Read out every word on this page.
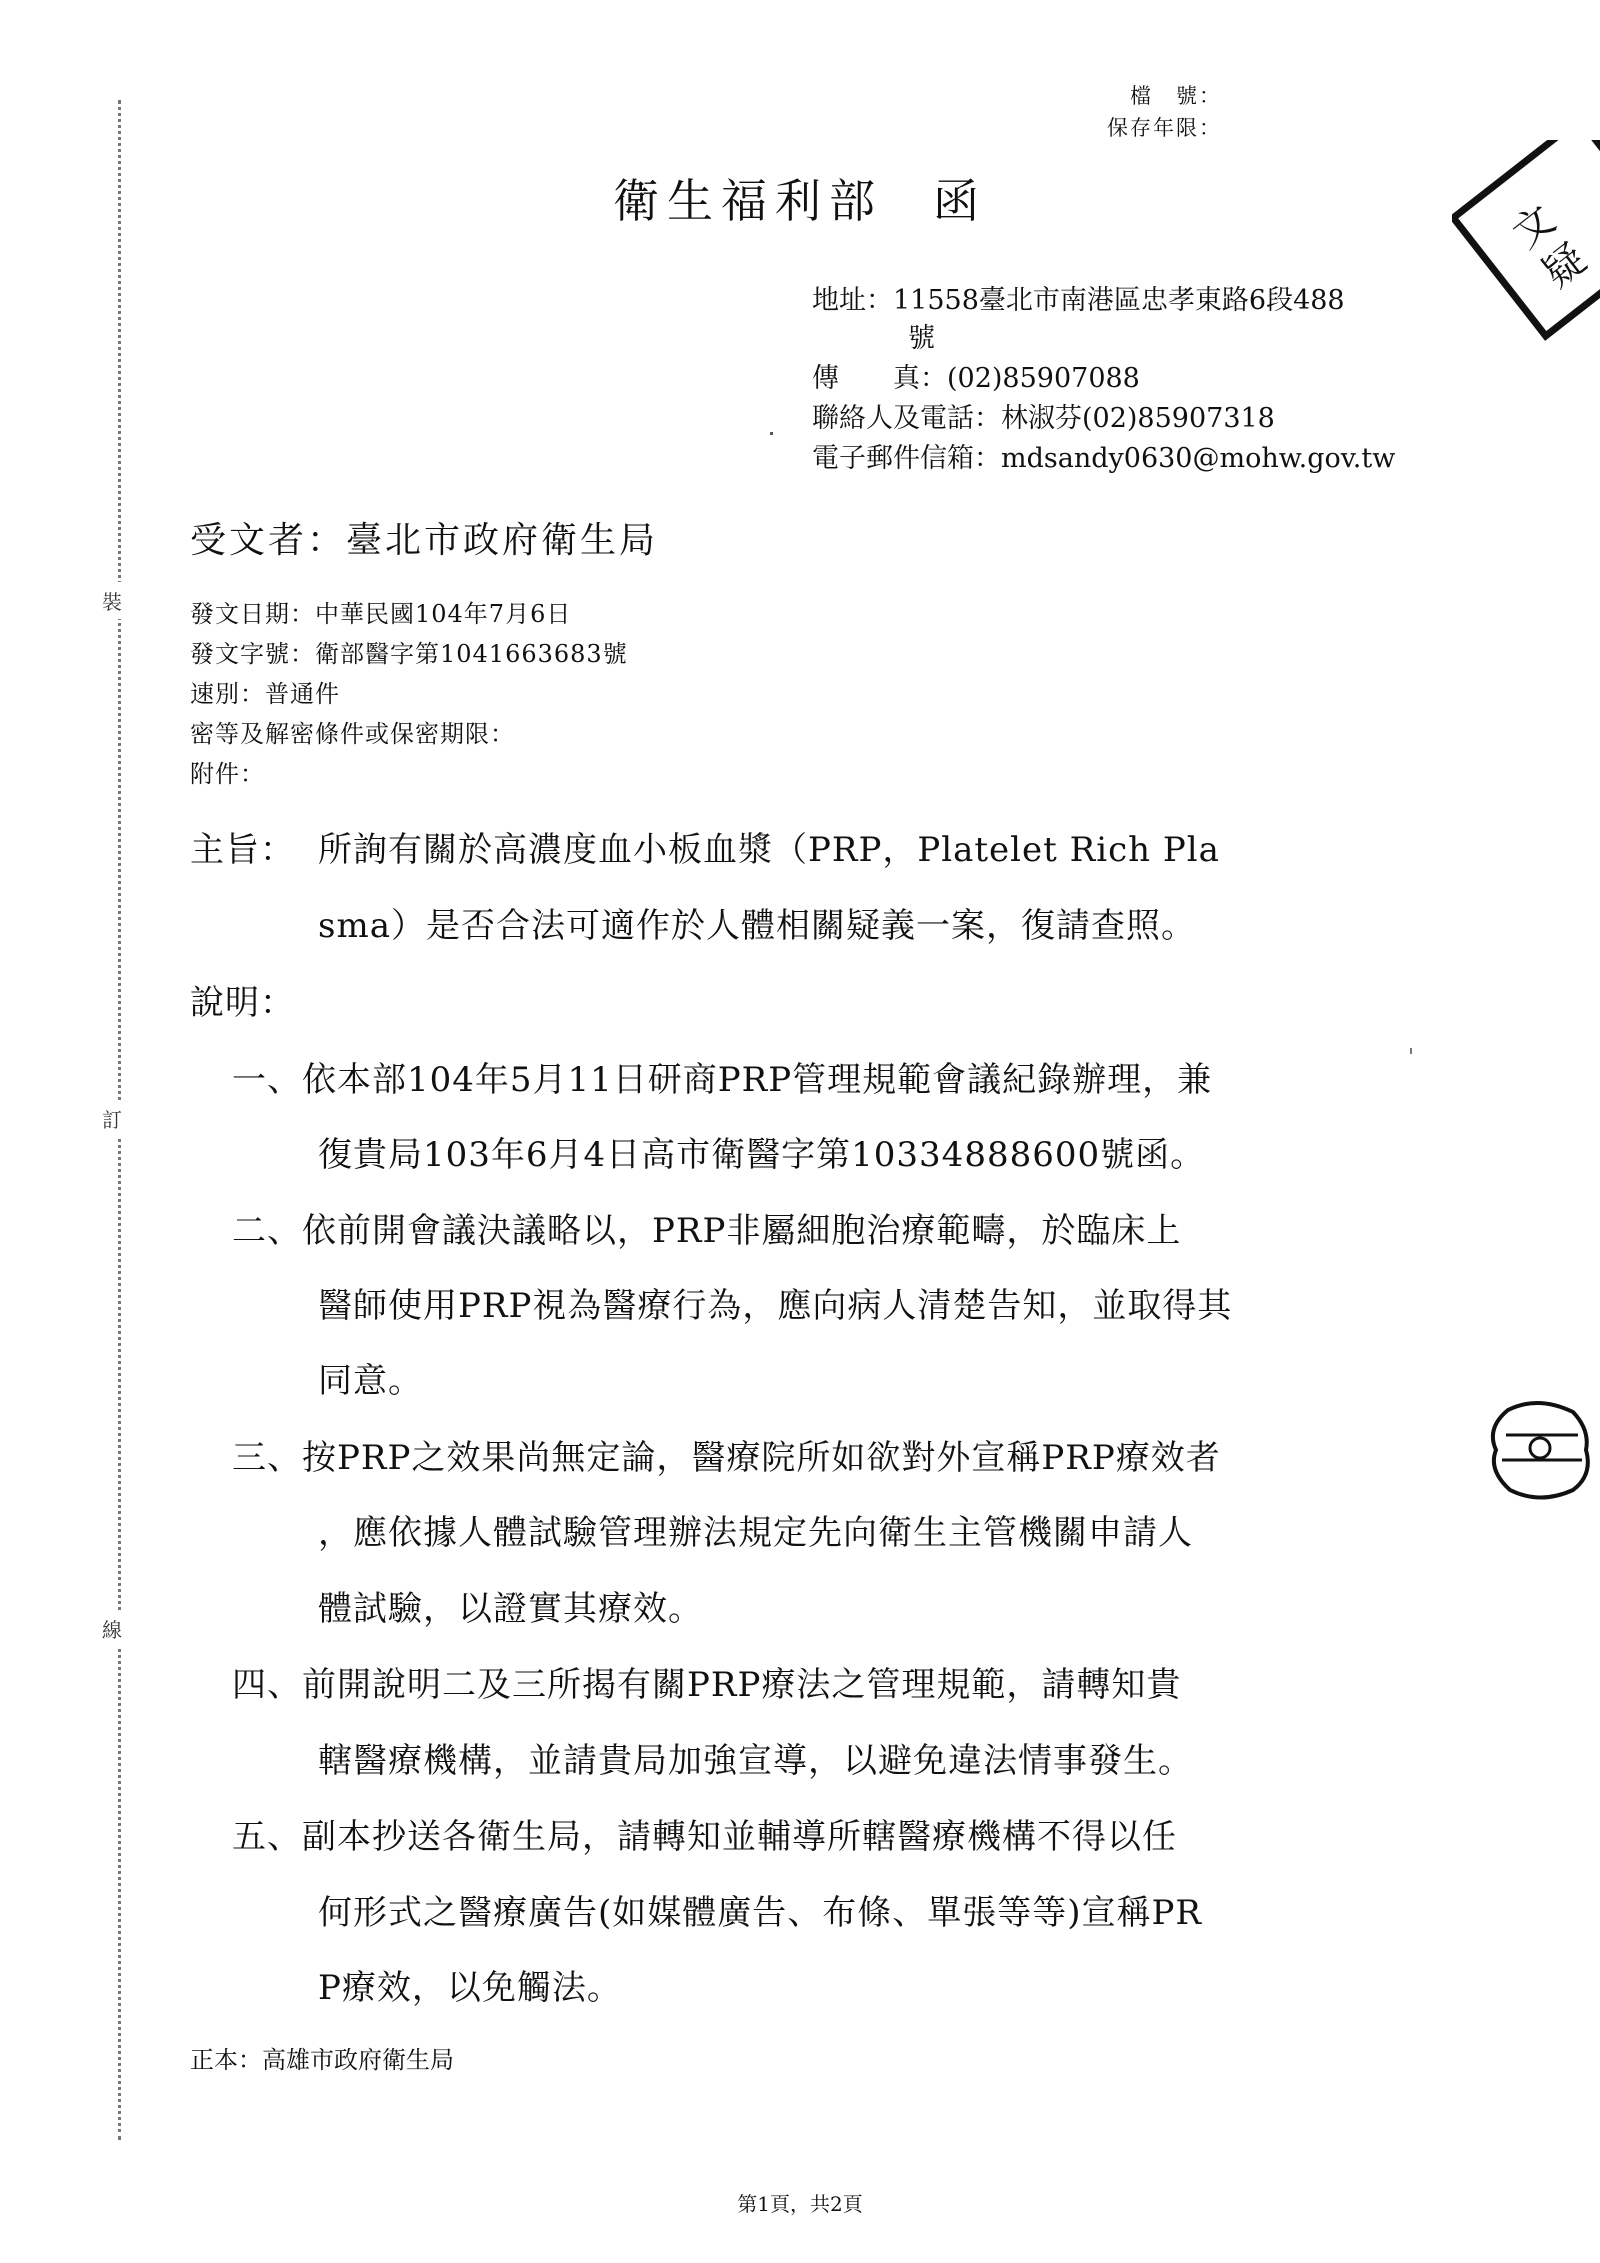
裝
訂
線
檔　號：
保存年限：
衛生福利部 函
地址：11558臺北市南港區忠孝東路6段488
號
傳　　真：(02)85907088
聯絡人及電話：林淑芬(02)85907318
電子郵件信箱：mdsandy0630@mohw.gov.tw
受文者：臺北市政府衛生局
發文日期：中華民國104年7月6日
發文字號：衛部醫字第1041663683號
速別：普通件
密等及解密條件或保密期限：
附件：
主旨： 所詢有關於高濃度血小板血漿（PRP，Platelet Rich Pla
sma）是否合法可適作於人體相關疑義一案，復請查照。
說明：
一、依本部104年5月11日研商PRP管理規範會議紀錄辦理，兼
復貴局103年6月4日高市衛醫字第10334888600號函。
二、依前開會議決議略以，PRP非屬細胞治療範疇，於臨床上
醫師使用PRP視為醫療行為，應向病人清楚告知，並取得其
同意。
三、按PRP之效果尚無定論，醫療院所如欲對外宣稱PRP療效者
，應依據人體試驗管理辦法規定先向衛生主管機關申請人
體試驗，以證實其療效。
四、前開說明二及三所揭有關PRP療法之管理規範，請轉知貴
轄醫療機構，並請貴局加強宣導，以避免違法情事發生。
五、副本抄送各衛生局，請轉知並輔導所轄醫療機構不得以任
何形式之醫療廣告(如媒體廣告、布條、單張等等)宣稱PR
P療效，以免觸法。
正本：高雄市政府衛生局
第1頁，共2頁
文
疑
